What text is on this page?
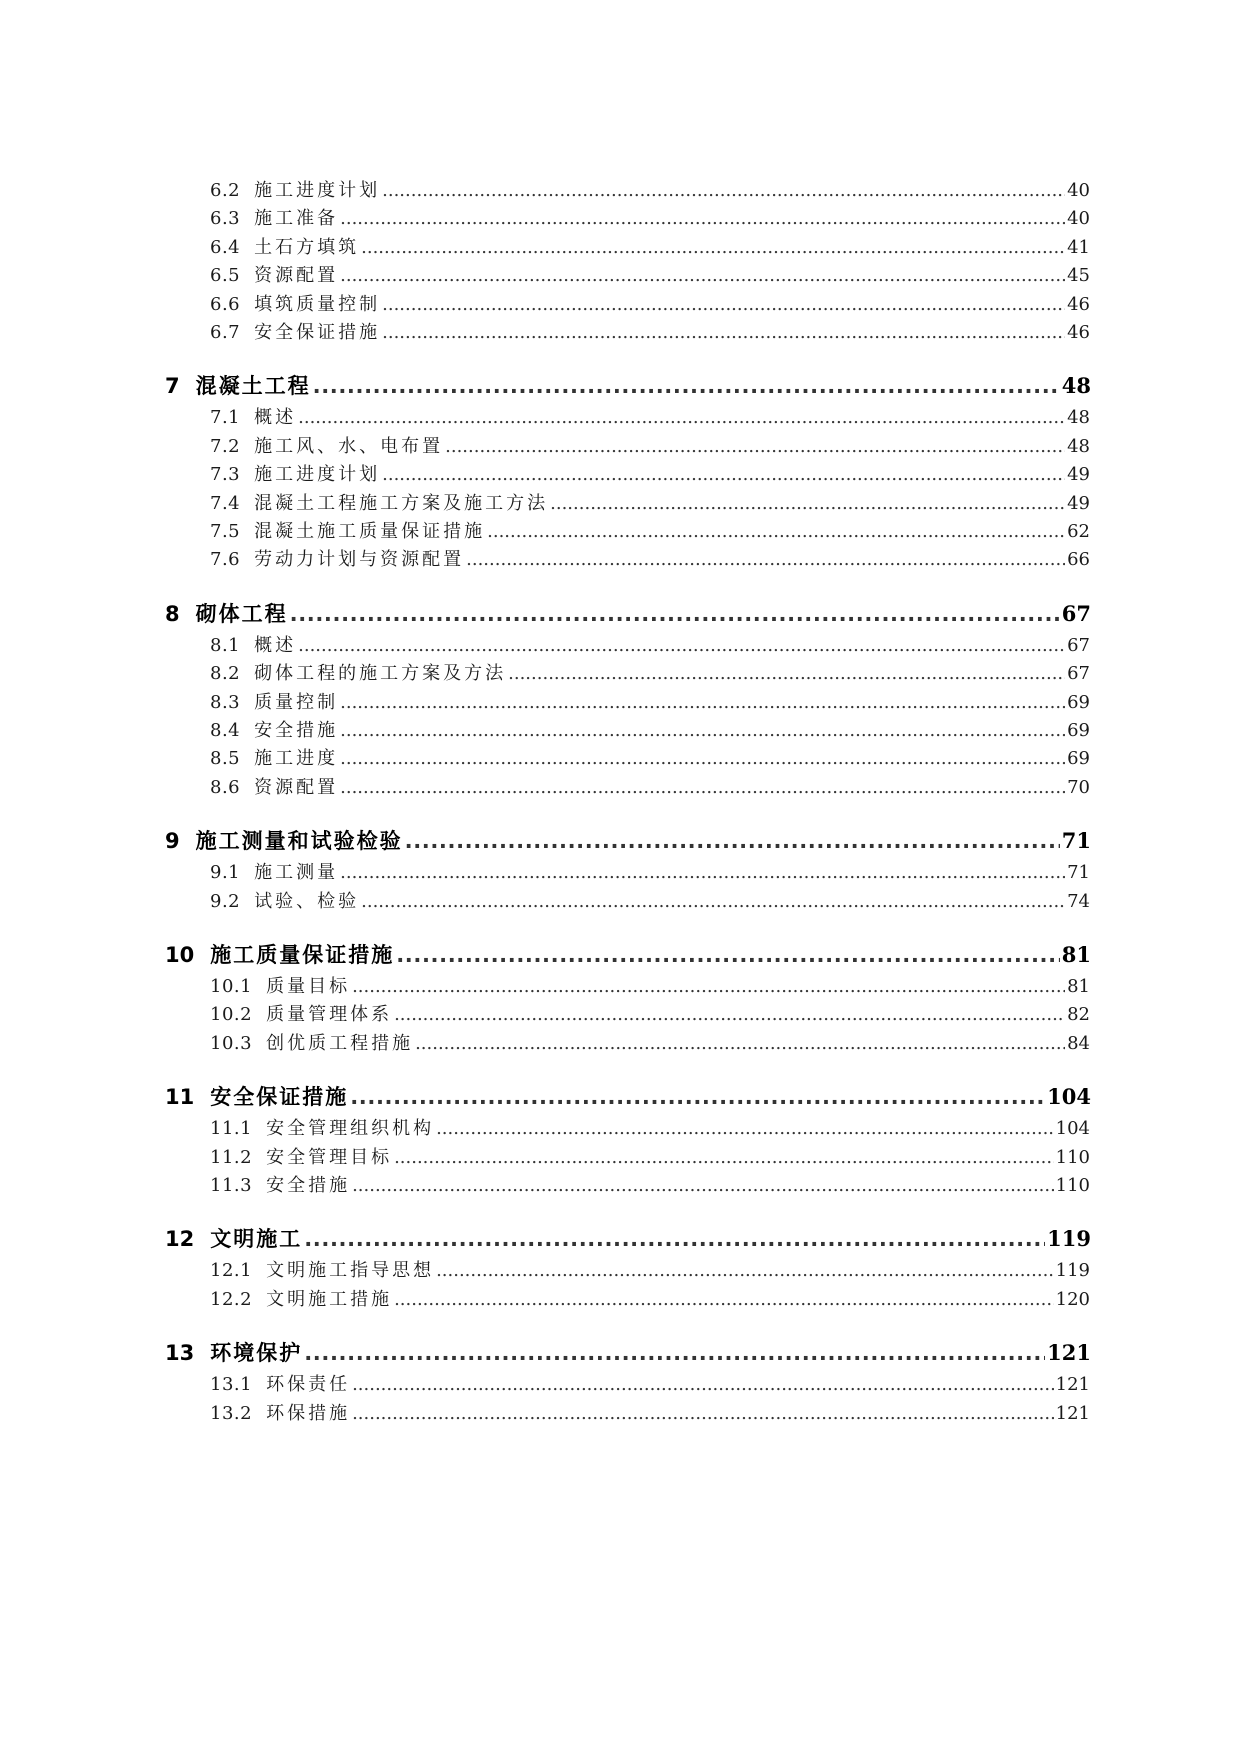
6.2 施工进度计划 .....	40
6.3 施工准备 .....	40
6.4 土石方填筑 .....	41
6.5 资源配置 .....	45
6.6 填筑质量控制 .....	46
6.7 安全保证措施 .....	46
7 混凝土工程 .....	48
7.1 概述 .....	48
7.2 施工风、水、电布置 .....	48
7.3 施工进度计划 .....	49
7.4 混凝土工程施工方案及施工方法 .....	49
7.5 混凝土施工质量保证措施 .....	62
7.6 劳动力计划与资源配置 .....	66
8 砌体工程 .....	67
8.1 概述 .....	67
8.2 砌体工程的施工方案及方法 .....	67
8.3 质量控制 .....	69
8.4 安全措施 .....	69
8.5 施工进度 .....	69
8.6 资源配置 .....	70
9 施工测量和试验检验 .....	71
9.1 施工测量 .....	71
9.2 试验、检验 .....	74
10 施工质量保证措施 .....	81
10.1 质量目标 .....	81
10.2 质量管理体系 .....	82
10.3 创优质工程措施 .....	84
11 安全保证措施 .....	104
11.1 安全管理组织机构 .....	104
11.2 安全管理目标 .....	110
11.3 安全措施 .....	110
12 文明施工 .....	119
12.1 文明施工指导思想 .....	119
12.2 文明施工措施 .....	120
13 环境保护 .....	121
13.1 环保责任 .....	121
13.2 环保措施 .....	121
